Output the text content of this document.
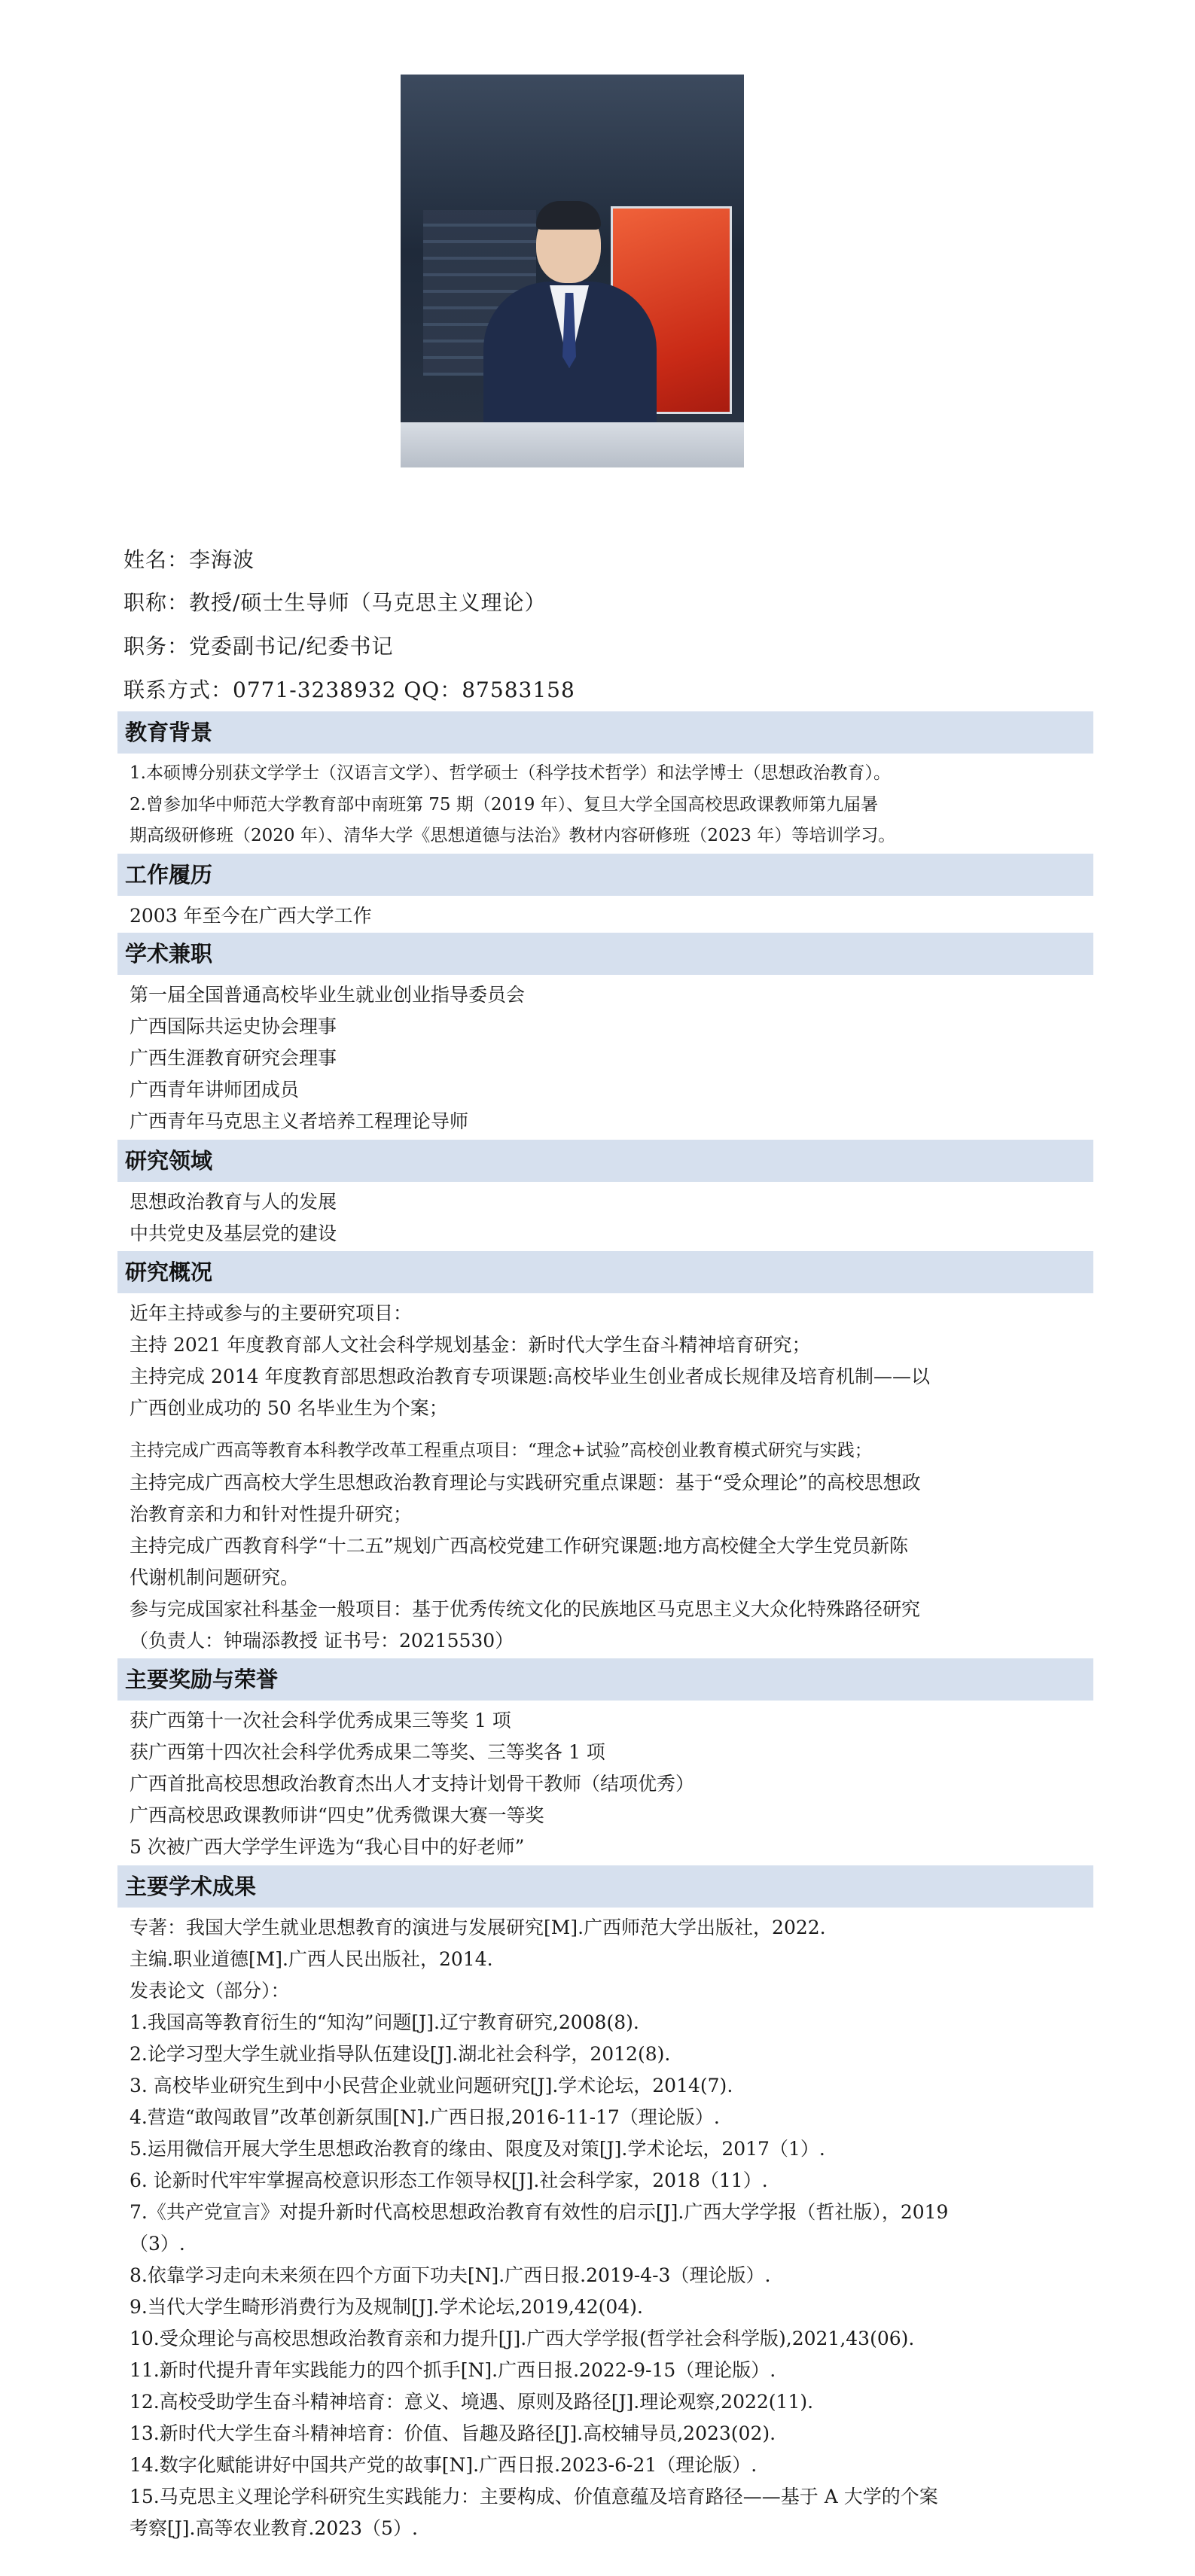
姓名：李海波
职称：教授/硕士生导师（马克思主义理论）
职务：党委副书记/纪委书记
联系方式：0771-3238932 QQ：87583158
教育背景
1.本硕博分别获文学学士（汉语言文学）、哲学硕士（科学技术哲学）和法学博士（思想政治教育）。
2.曾参加华中师范大学教育部中南班第 75 期（2019 年）、复旦大学全国高校思政课教师第九届暑
期高级研修班（2020 年）、清华大学《思想道德与法治》教材内容研修班（2023 年）等培训学习。
工作履历
2003 年至今在广西大学工作
学术兼职
第一届全国普通高校毕业生就业创业指导委员会
广西国际共运史协会理事
广西生涯教育研究会理事
广西青年讲师团成员
广西青年马克思主义者培养工程理论导师
研究领域
思想政治教育与人的发展
中共党史及基层党的建设
研究概况
近年主持或参与的主要研究项目：
主持 2021 年度教育部人文社会科学规划基金：新时代大学生奋斗精神培育研究；
主持完成 2014 年度教育部思想政治教育专项课题:高校毕业生创业者成长规律及培育机制——以
广西创业成功的 50 名毕业生为个案；
主持完成广西高等教育本科教学改革工程重点项目：“理念+试验”高校创业教育模式研究与实践；
主持完成广西高校大学生思想政治教育理论与实践研究重点课题：基于“受众理论”的高校思想政
治教育亲和力和针对性提升研究；
主持完成广西教育科学“十二五”规划广西高校党建工作研究课题:地方高校健全大学生党员新陈
代谢机制问题研究。
参与完成国家社科基金一般项目：基于优秀传统文化的民族地区马克思主义大众化特殊路径研究
（负责人：钟瑞添教授 证书号：20215530）
主要奖励与荣誉
获广西第十一次社会科学优秀成果三等奖 1 项
获广西第十四次社会科学优秀成果二等奖、三等奖各 1 项
广西首批高校思想政治教育杰出人才支持计划骨干教师（结项优秀）
广西高校思政课教师讲“四史”优秀微课大赛一等奖
5 次被广西大学学生评选为“我心目中的好老师”
主要学术成果
专著：我国大学生就业思想教育的演进与发展研究[M].广西师范大学出版社，2022.
主编.职业道德[M].广西人民出版社，2014.
发表论文（部分）：
1.我国高等教育衍生的“知沟”问题[J].辽宁教育研究,2008(8).
2.论学习型大学生就业指导队伍建设[J].湖北社会科学，2012(8).
3. 高校毕业研究生到中小民营企业就业问题研究[J].学术论坛，2014(7).
4.营造“敢闯敢冒”改革创新氛围[N].广西日报,2016-11-17（理论版）.
5.运用微信开展大学生思想政治教育的缘由、限度及对策[J].学术论坛，2017（1）.
6. 论新时代牢牢掌握高校意识形态工作领导权[J].社会科学家，2018（11）.
7.《共产党宣言》对提升新时代高校思想政治教育有效性的启示[J].广西大学学报（哲社版），2019
（3）.
8.依靠学习走向未来须在四个方面下功夫[N].广西日报.2019-4-3（理论版）.
9.当代大学生畸形消费行为及规制[J].学术论坛,2019,42(04).
10.受众理论与高校思想政治教育亲和力提升[J].广西大学学报(哲学社会科学版),2021,43(06).
11.新时代提升青年实践能力的四个抓手[N].广西日报.2022-9-15（理论版）.
12.高校受助学生奋斗精神培育：意义、境遇、原则及路径[J].理论观察,2022(11).
13.新时代大学生奋斗精神培育：价值、旨趣及路径[J].高校辅导员,2023(02).
14.数字化赋能讲好中国共产党的故事[N].广西日报.2023-6-21（理论版）.
15.马克思主义理论学科研究生实践能力：主要构成、价值意蕴及培育路径——基于 A 大学的个案
考察[J].高等农业教育.2023（5）.
